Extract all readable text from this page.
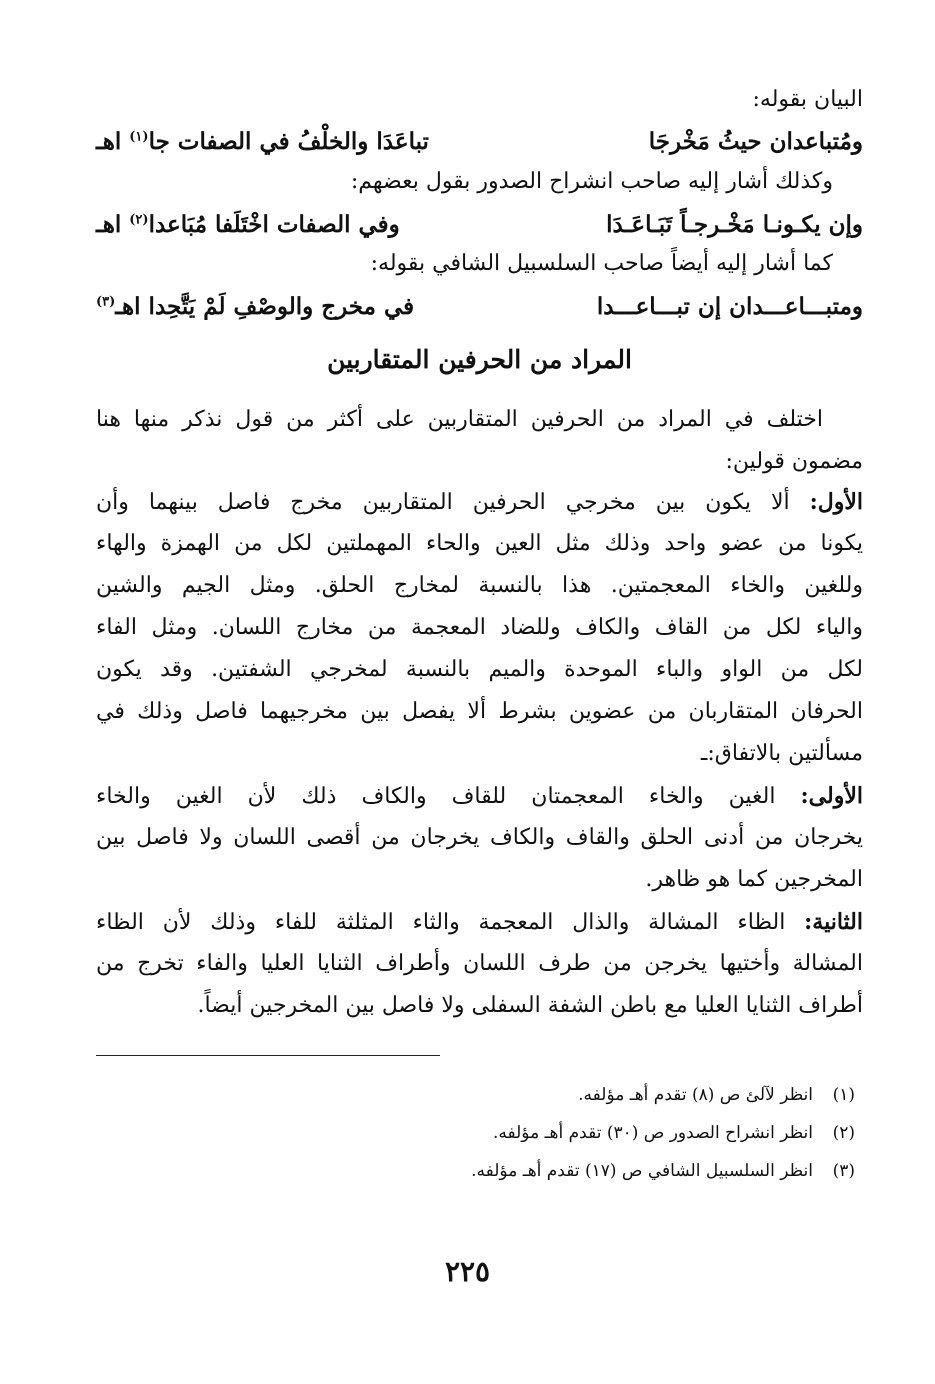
البيان بقوله:
ومُتباعدان حيثُ مَخْرجَا
تباعَدَا والخلْفُ في الصفات جا$^{(١)}$ اهـ
وكذلك أشار إليه صاحب انشراح الصدور بقول بعضهم:
وإن يكـونـا مَخْـرجـاً تَبَـاعَـدَا
وفي الصفات اخْتَلَفا مُبَاعدا$^{(٢)}$ اهـ
كما أشار إليه أيضاً صاحب السلسبيل الشافي بقوله:
ومتبـــاعـــدان إن تبـــاعـــدا
في مخرج والوصْفِ لَمْ يَتَّحِدا اهـ$^{(٣)}$
المراد من الحرفين المتقاربين
اختلف في المراد من الحرفين المتقاربين على أكثر من قول نذكر منها هنا
مضمون قولين:
الأول: ألا يكون بين مخرجي الحرفين المتقاربين مخرج فاصل بينهما وأن
يكونا من عضو واحد وذلك مثل العين والحاء المهملتين لكل من الهمزة والهاء
وللغين والخاء المعجمتين. هذا بالنسبة لمخارج الحلق. ومثل الجيم والشين
والياء لكل من القاف والكاف وللضاد المعجمة من مخارج اللسان. ومثل الفاء
لكل من الواو والباء الموحدة والميم بالنسبة لمخرجي الشفتين. وقد يكون
الحرفان المتقاربان من عضوين بشرط ألا يفصل بين مخرجيهما فاصل وذلك في
مسألتين بالاتفاق:ـ
الأولى: الغين والخاء المعجمتان للقاف والكاف ذلك لأن الغين والخاء
يخرجان من أدنى الحلق والقاف والكاف يخرجان من أقصى اللسان ولا فاصل بين
المخرجين كما هو ظاهر.
الثانية: الظاء المشالة والذال المعجمة والثاء المثلثة للفاء وذلك لأن الظاء
المشالة وأختيها يخرجن من طرف اللسان وأطراف الثنايا العليا والفاء تخرج من
أطراف الثنايا العليا مع باطن الشفة السفلى ولا فاصل بين المخرجين أيضاً.
(١)انظر لآلئ ص (٨) تقدم أهـ مؤلفه.
(٢)انظر انشراح الصدور ص (٣٠) تقدم أهـ مؤلفه.
(٣)انظر السلسبيل الشافي ص (١٧) تقدم أهـ مؤلفه.
٢٢٥
